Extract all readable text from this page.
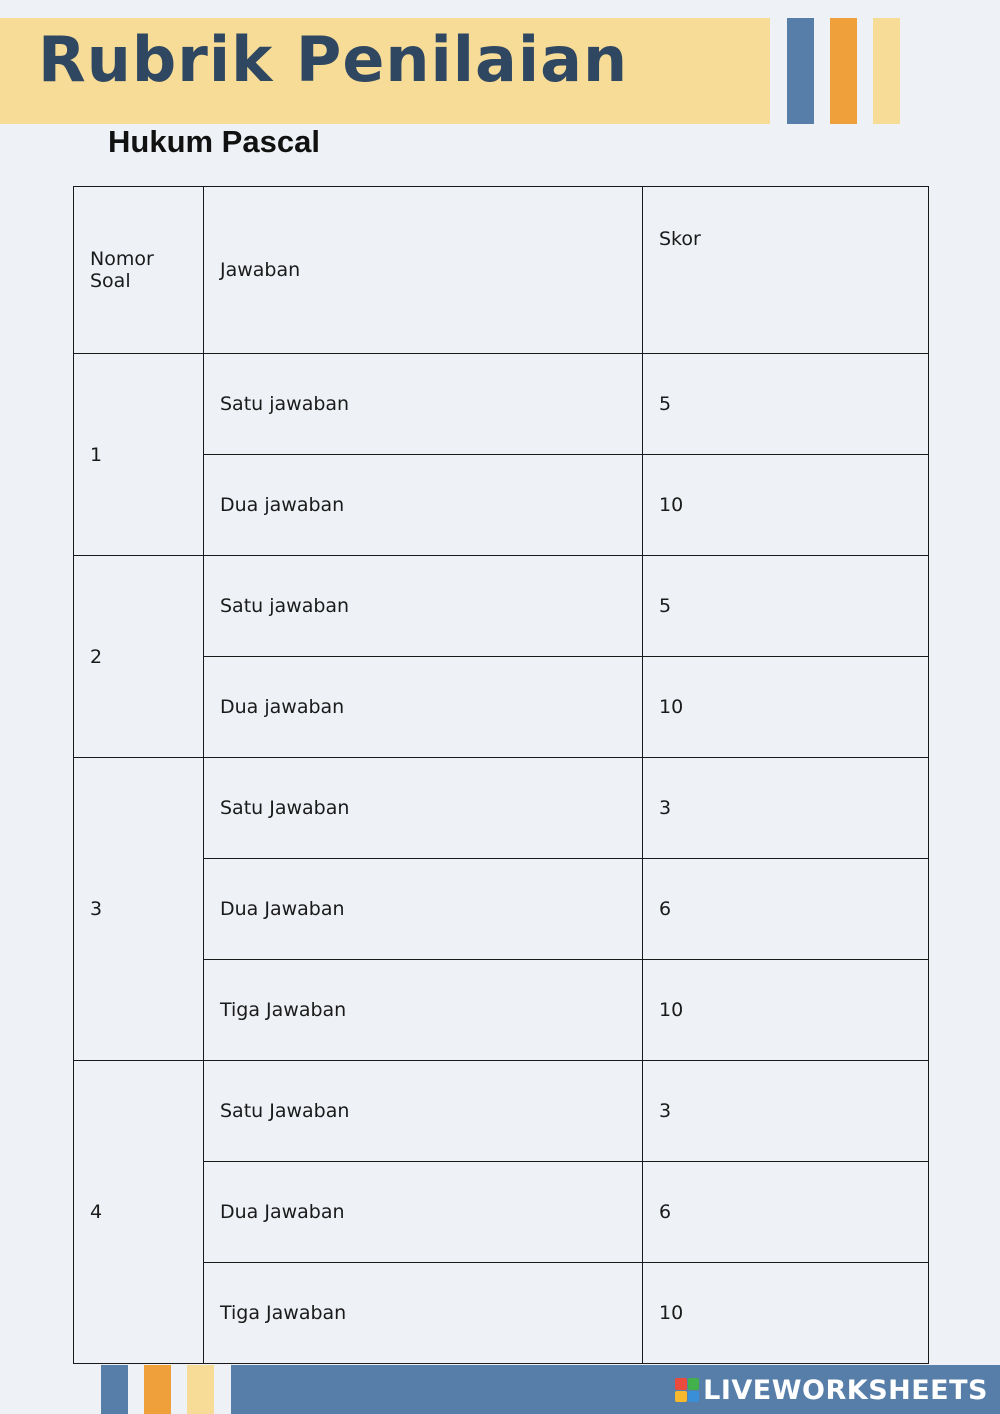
Rubrik Penilaian
Hukum Pascal
Nomor
Soal	Jawaban	Skor
1	Satu jawaban	5
	Dua jawaban	10
2	Satu jawaban	5
	Dua jawaban	10
3	Satu Jawaban	3
	Dua Jawaban	6
	Tiga Jawaban	10
4	Satu Jawaban	3
	Dua Jawaban	6
	Tiga Jawaban	10
LIVEWORKSHEETS
